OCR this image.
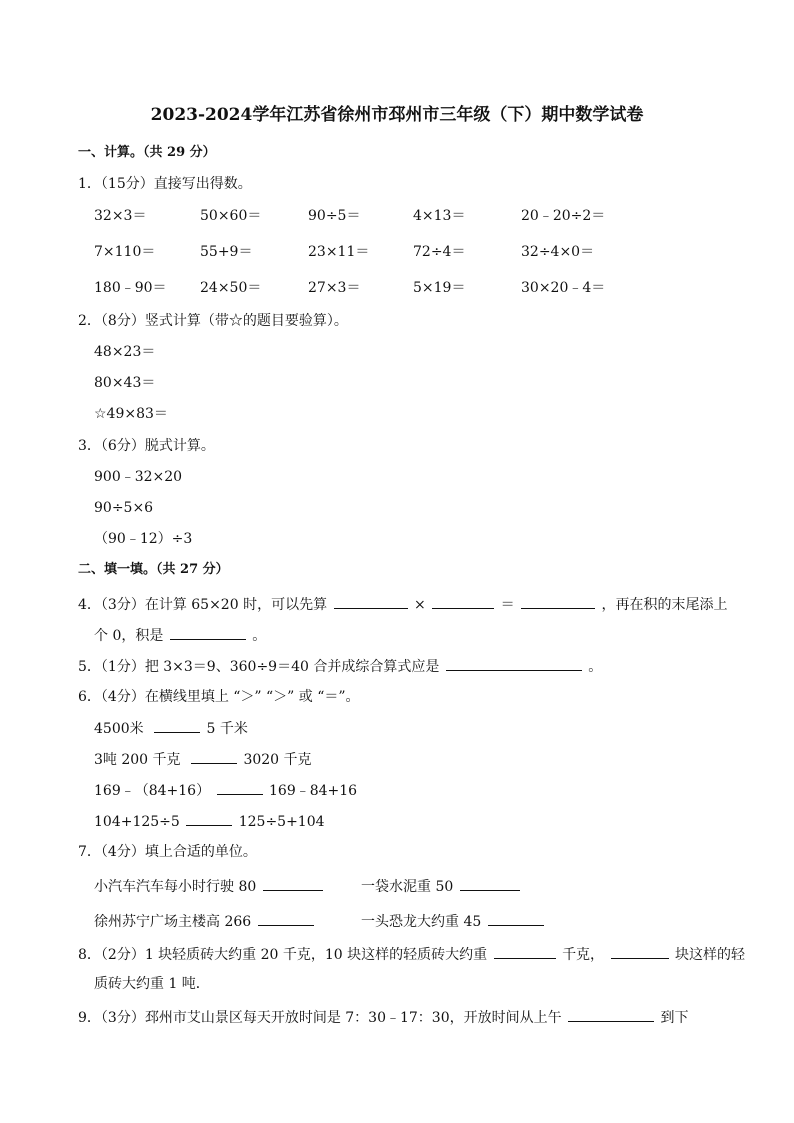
2023-2024学年江苏省徐州市邳州市三年级（下）期中数学试卷
一、计算。（共 29 分）
1．（15分）直接写出得数。
32×3＝	50×60＝	90÷5＝	4×13＝	20﹣20÷2＝
7×110＝	55+9＝	23×11＝	72÷4＝	32÷4×0＝
180﹣90＝ 24×50＝	27×3＝	5×19＝	30×20﹣4＝
2．（8分）竖式计算（带☆的题目要验算）。
48×23＝
80×43＝
☆49×83＝
3．（6分）脱式计算。
900﹣32×20
90÷5×6
（90﹣12）÷3
二、填一填。（共 27 分）
4．（3分）在计算 65×20 时，可以先算	×	＝	，再在积的末尾添上
个 0，积是	。
5．（1分）把 3×3＝9、360÷9＝40 合并成综合算式应是	。
6．（4分）在横线里填上 “＞” “＞” 或 “＝”。
4500米	5 千米
3吨 200 千克	3020 千克
169﹣（84+16）	169﹣84+16
104+125÷5	125÷5+104
7．（4分）填上合适的单位。
小汽车汽车每小时行驶 80	一袋水泥重 50
徐州苏宁广场主楼高 266	一头恐龙大约重 45
8．（2分）1 块轻质砖大约重 20 千克，10 块这样的轻质砖大约重	千克，	块这样的轻
质砖大约重 1 吨．
9．（3分）邳州市艾山景区每天开放时间是 7：30﹣17：30，开放时间从上午	到下
